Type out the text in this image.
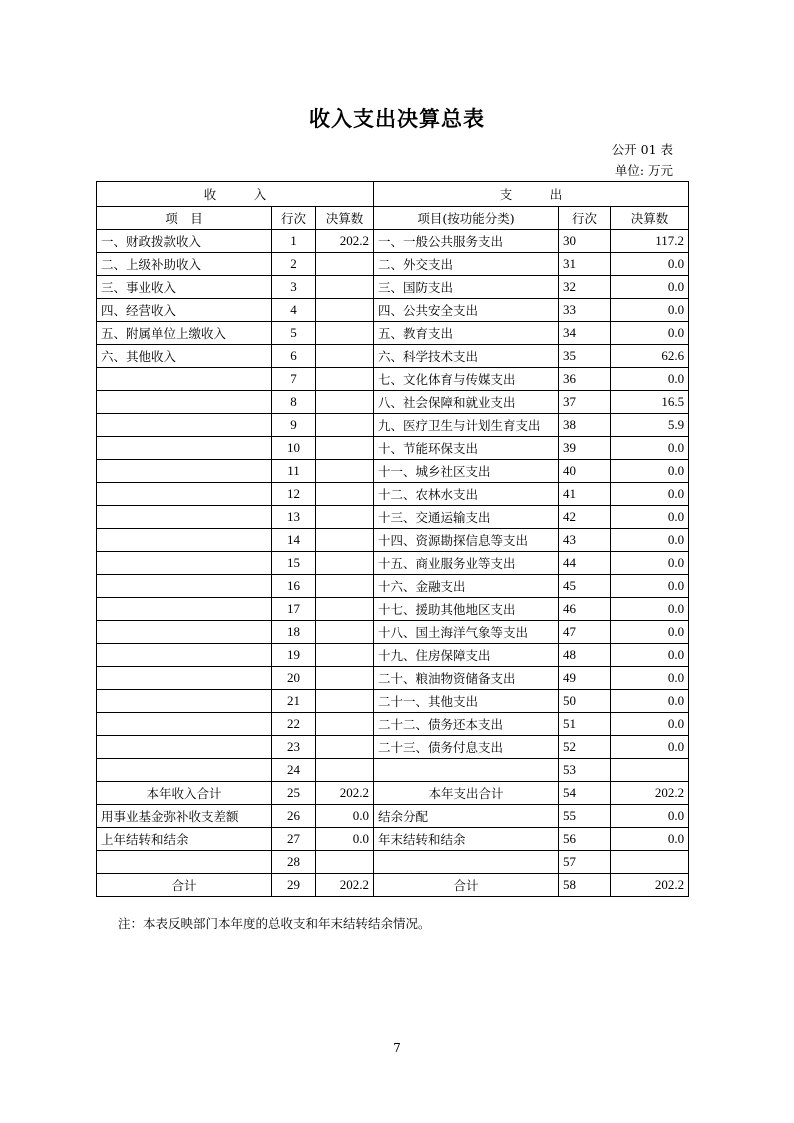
收入支出决算总表
公开 01 表
单位: 万元
收　　　入			支　　　出		
项　目	行次	决算数	项目(按功能分类)	行次	决算数
一、财政拨款收入	1	202.2	一、一般公共服务支出	30	117.2
二、上级补助收入	2		二、外交支出	31	0.0
三、事业收入	3		三、国防支出	32	0.0
四、经营收入	4		四、公共安全支出	33	0.0
五、附属单位上缴收入	5		五、教育支出	34	0.0
六、其他收入	6		六、科学技术支出	35	62.6
	7		七、文化体育与传媒支出	36	0.0
	8		八、社会保障和就业支出	37	16.5
	9		九、医疗卫生与计划生育支出	38	5.9
	10		十、节能环保支出	39	0.0
	11		十一、城乡社区支出	40	0.0
	12		十二、农林水支出	41	0.0
	13		十三、交通运输支出	42	0.0
	14		十四、资源勘探信息等支出	43	0.0
	15		十五、商业服务业等支出	44	0.0
	16		十六、金融支出	45	0.0
	17		十七、援助其他地区支出	46	0.0
	18		十八、国土海洋气象等支出	47	0.0
	19		十九、住房保障支出	48	0.0
	20		二十、粮油物资储备支出	49	0.0
	21		二十一、其他支出	50	0.0
	22		二十二、债务还本支出	51	0.0
	23		二十三、债务付息支出	52	0.0
	24			53	
本年收入合计	25	202.2	本年支出合计	54	202.2
用事业基金弥补收支差额	26	0.0	结余分配	55	0.0
上年结转和结余	27	0.0	年末结转和结余	56	0.0
	28			57	
合计	29	202.2	合计	58	202.2
注：本表反映部门本年度的总收支和年末结转结余情况。
7
